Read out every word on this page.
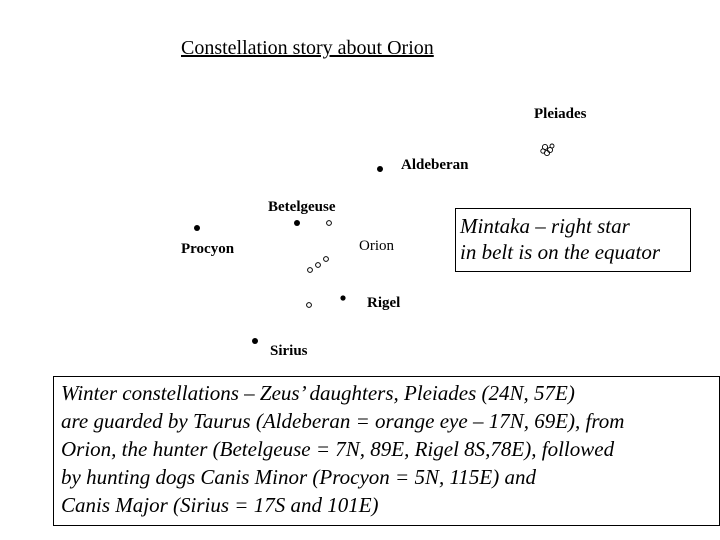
Constellation story about Orion
Pleiades
Aldeberan
Betelgeuse
Procyon	Orion
Rigel
Sirius
Mintaka – right star
in belt is on the equator
Winter constellations – Zeus’ daughters, Pleiades (24N, 57E)
are guarded by Taurus (Aldeberan = orange eye – 17N, 69E), from
Orion, the hunter (Betelgeuse = 7N, 89E, Rigel 8S,78E), followed
by hunting dogs Canis Minor (Procyon = 5N, 115E) and
Canis Major (Sirius = 17S and 101E)
